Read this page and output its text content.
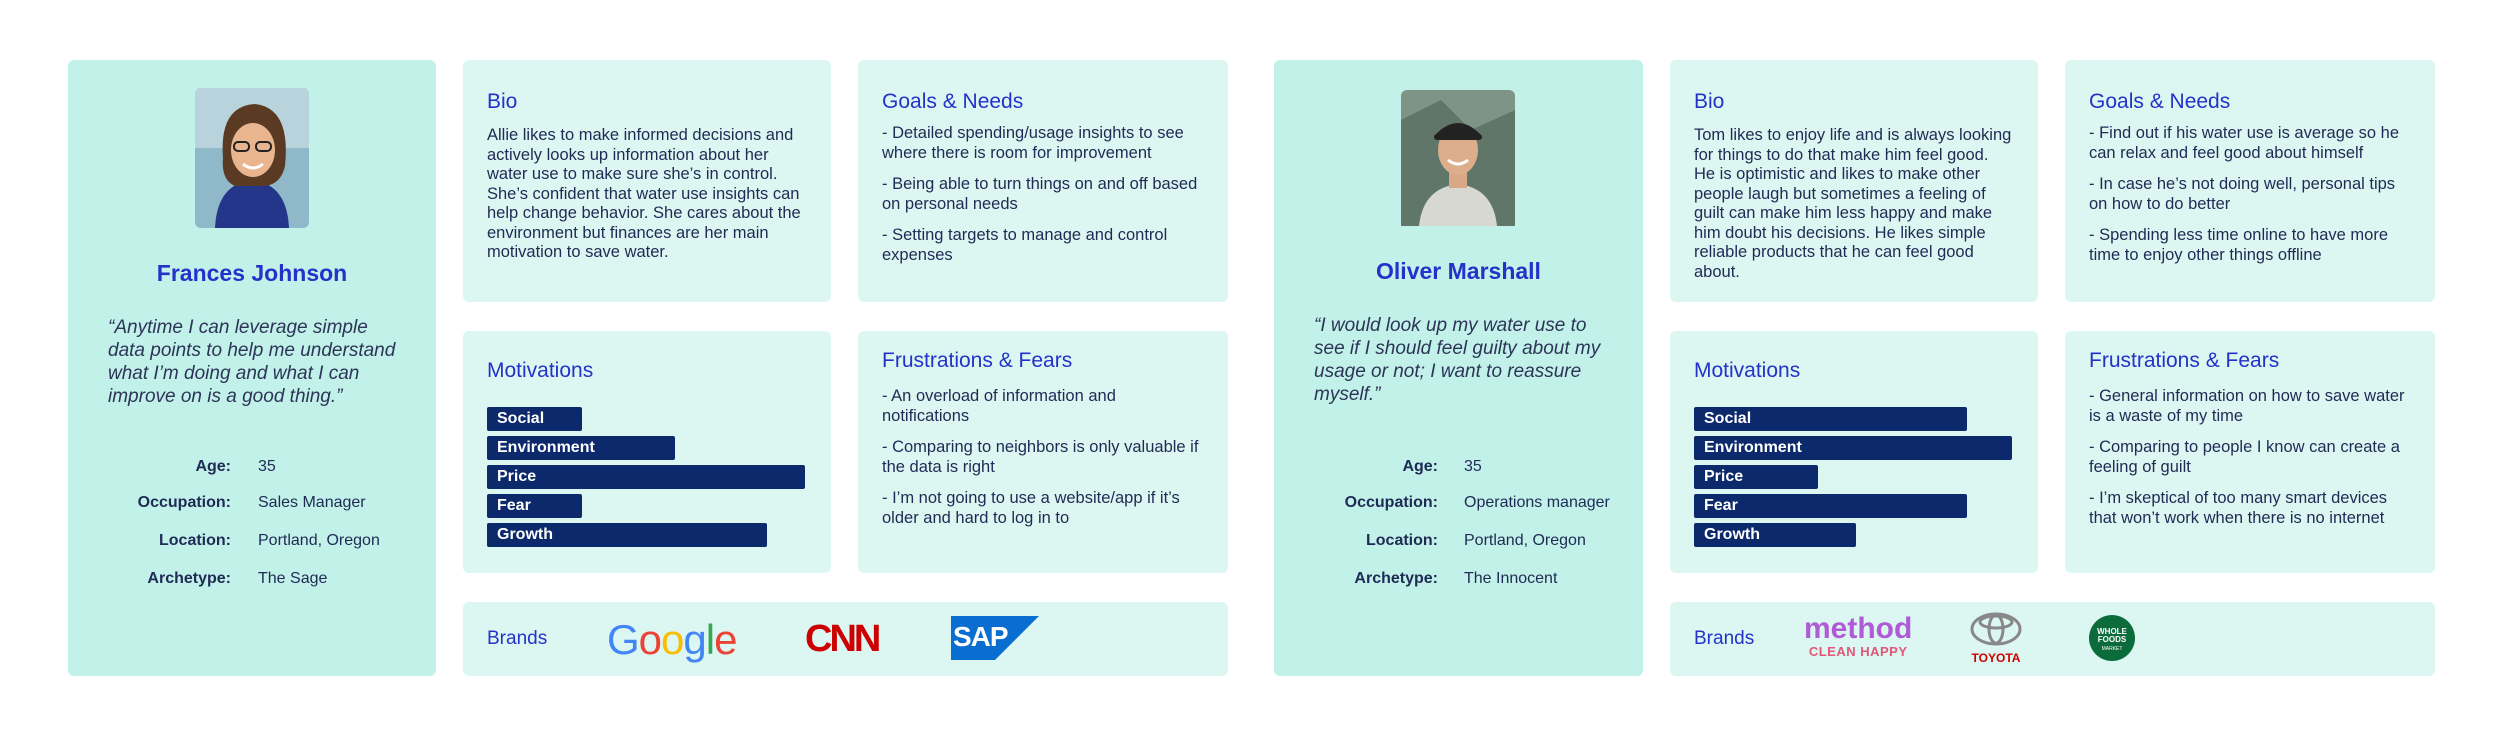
Frances Johnson
“Anytime I can leverage simple data points to help me understand what I’m doing and what I can improve on is a good thing.”
Age: 35
Occupation: Sales Manager
Location: Portland, Oregon
Archetype: The Sage
Bio
Allie likes to make informed decisions and actively looks up information about her water use to make sure she’s in control. She’s confident that water use insights can help change behavior. She cares about the environment but finances are her main motivation to save water.
Goals & Needs
- Detailed spending/usage insights to see where there is room for improvement
- Being able to turn things on and off based on personal needs
- Setting targets to manage and control expenses
Motivations
Social
Environment
Price
Fear
Growth
Frustrations & Fears
- An overload of information and notifications
- Comparing to neighbors is only valuable if the data is right
- I’m not going to use a website/app if it’s older and hard to log in to
Brands Google CNN	SAP
Oliver Marshall
“I would look up my water use to see if I should feel guilty about my usage or not; I want to reassure myself.”
Age: 35
Occupation: Operations manager
Location: Portland, Oregon
Archetype: The Innocent
Bio
Tom likes to enjoy life and is always looking for things to do that make him feel good. He is optimistic and likes to make other people laugh but sometimes a feeling of guilt can make him less happy and make him doubt his decisions. He likes simple reliable products that he can feel good about.
Goals & Needs
- Find out if his water use is average so he can relax and feel good about himself
- In case he’s not doing well, personal tips on how to do better
- Spending less time online to have more time to enjoy other things offline
Motivations
Social
Environment
Price
Fear
Growth
Frustrations & Fears
- General information on how to save water is a waste of my time
- Comparing to people I know can create a feeling of guilt
- I’m skeptical of too many smart devices that won’t work when there is no internet
Brands method
CLEAN HAPPY	TOYOTA
WHOLE FOODS
MARKET
